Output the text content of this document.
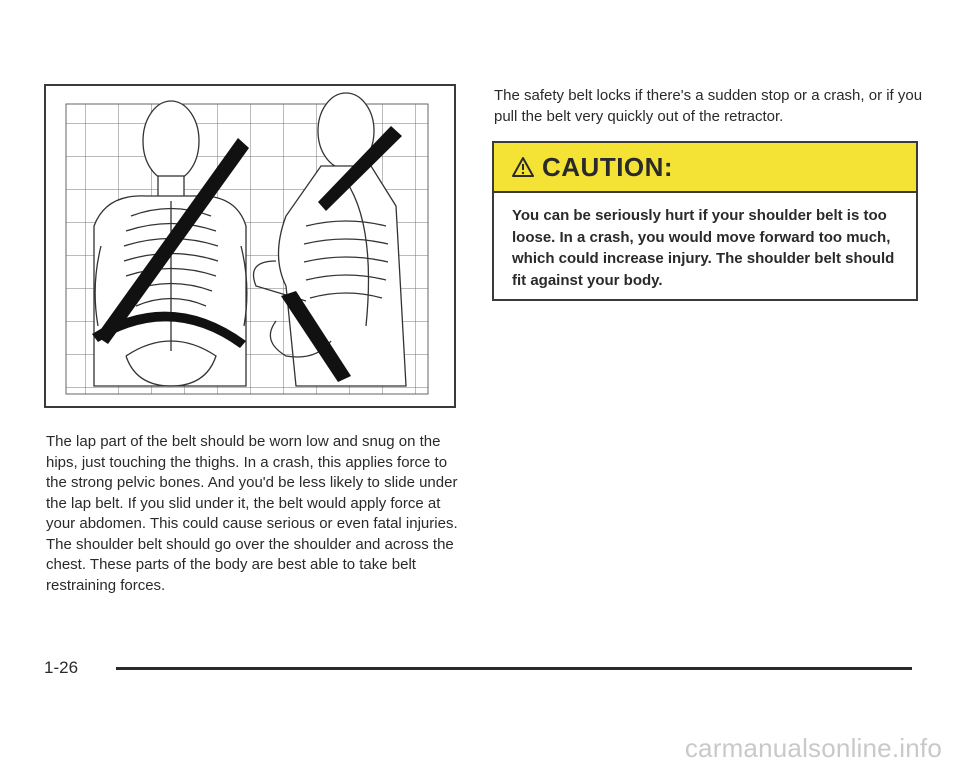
The lap part of the belt should be worn low and snug on the hips, just touching the thighs. In a crash, this applies force to the strong pelvic bones. And you'd be less likely to slide under the lap belt. If you slid under it, the belt would apply force at your abdomen. This could cause serious or even fatal injuries. The shoulder belt should go over the shoulder and across the chest. These parts of the body are best able to take belt restraining forces.

The safety belt locks if there's a sudden stop or a crash, or if you pull the belt very quickly out of the retractor.

CAUTION:

You can be seriously hurt if your shoulder belt is too loose. In a crash, you would move forward too much, which could increase injury. The shoulder belt should fit against your body.

1-26
carmanualsonline.info
